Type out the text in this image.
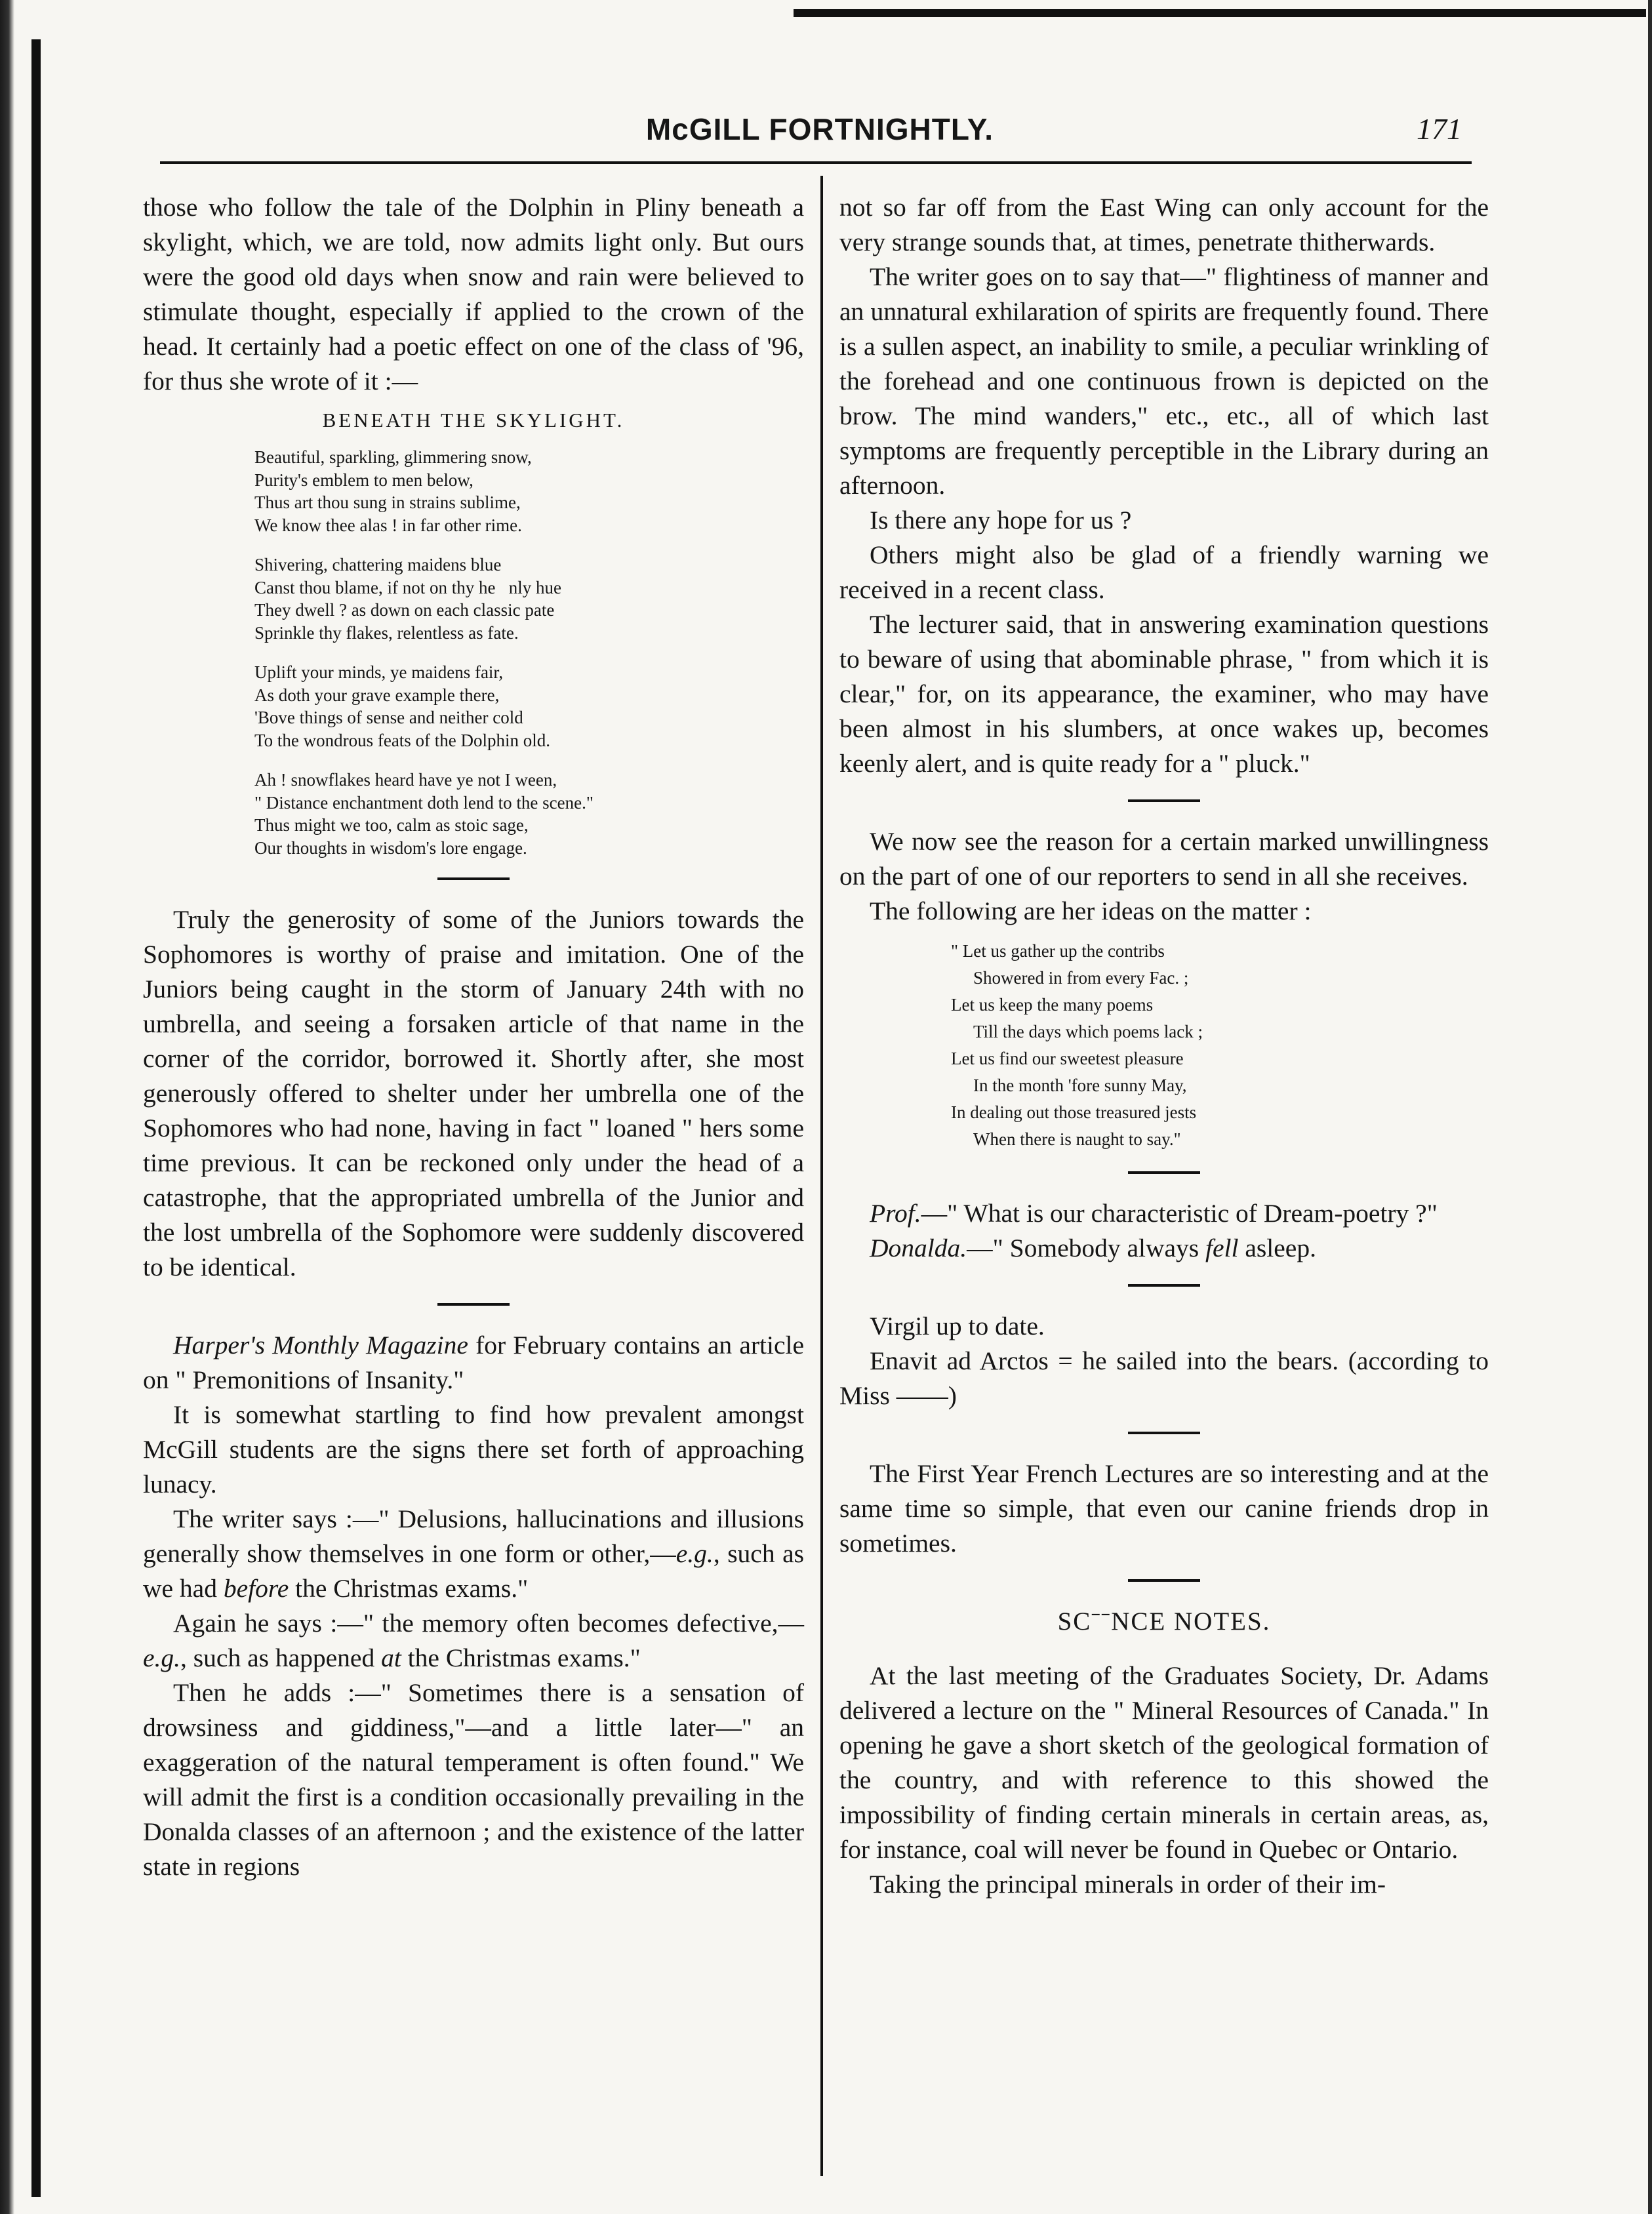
McGILL FORTNIGHTLY.	171

those who follow the tale of the Dolphin in Pliny beneath a skylight, which, we are told, now admits light only. But ours were the good old days when snow and rain were believed to stimulate thought, especially if applied to the crown of the head. It certainly had a poetic effect on one of the class of '96, for thus she wrote of it :—

BENEATH THE SKYLIGHT.
Beautiful, sparkling, glimmering snow,
Purity's emblem to men below,
Thus art thou sung in strains sublime,
We know thee alas ! in far other rime.
Shivering, chattering maidens blue
Canst thou blame, if not on thy he   nly hue
They dwell ? as down on each classic pate
Sprinkle thy flakes, relentless as fate.
Uplift your minds, ye maidens fair,
As doth your grave example there,
'Bove things of sense and neither cold
To the wondrous feats of the Dolphin old.
Ah ! snowflakes heard have ye not I ween,
" Distance enchantment doth lend to the scene."
Thus might we too, calm as stoic sage,
Our thoughts in wisdom's lore engage.

Truly the generosity of some of the Juniors towards the Sophomores is worthy of praise and imitation. One of the Juniors being caught in the storm of January 24th with no umbrella, and seeing a forsaken article of that name in the corner of the corridor, borrowed it. Shortly after, she most generously offered to shelter under her umbrella one of the Sophomores who had none, having in fact " loaned " hers some time previous. It can be reckoned only under the head of a catastrophe, that the appropriated umbrella of the Junior and the lost umbrella of the Sophomore were suddenly discovered to be identical.

Harper's Monthly Magazine for February contains an article on " Premonitions of Insanity."

It is somewhat startling to find how prevalent amongst McGill students are the signs there set forth of approaching lunacy.

The writer says :—" Delusions, hallucinations and illusions generally show themselves in one form or other,—e.g., such as we had before the Christmas exams."

Again he says :—" the memory often becomes defective,—e.g., such as happened at the Christmas exams."

Then he adds :—" Sometimes there is a sensation of drowsiness and giddiness,"—and a little later—" an exaggeration of the natural temperament is often found." We will admit the first is a condition occasionally prevailing in the Donalda classes of an afternoon ; and the existence of the latter state in regions

not so far off from the East Wing can only account for the very strange sounds that, at times, penetrate thitherwards.

The writer goes on to say that—" flightiness of manner and an unnatural exhilaration of spirits are frequently found. There is a sullen aspect, an inability to smile, a peculiar wrinkling of the forehead and one continuous frown is depicted on the brow. The mind wanders," etc., etc., all of which last symptoms are frequently perceptible in the Library during an afternoon.

Is there any hope for us ?

Others might also be glad of a friendly warning we received in a recent class.

The lecturer said, that in answering examination questions to beware of using that abominable phrase, " from which it is clear," for, on its appearance, the examiner, who may have been almost in his slumbers, at once wakes up, becomes keenly alert, and is quite ready for a " pluck."

We now see the reason for a certain marked unwillingness on the part of one of our reporters to send in all she receives.

The following are her ideas on the matter :

" Let us gather up the contribs
Showered in from every Fac. ;
Let us keep the many poems
Till the days which poems lack ;
Let us find our sweetest pleasure
In the month 'fore sunny May,
In dealing out those treasured jests
When there is naught to say."

Prof.—" What is our characteristic of Dream-poetry ?"

Donalda.—" Somebody always fell asleep.

Virgil up to date.

Enavit ad Arctos = he sailed into the bears. (according to Miss ——)

The First Year French Lectures are so interesting and at the same time so simple, that even our canine friends drop in sometimes.

SCˉˉNCE NOTES.

At the last meeting of the Graduates Society, Dr. Adams delivered a lecture on the " Mineral Resources of Canada." In opening he gave a short sketch of the geological formation of the country, and with reference to this showed the impossibility of finding certain minerals in certain areas, as, for instance, coal will never be found in Quebec or Ontario.

Taking the principal minerals in order of their im-
